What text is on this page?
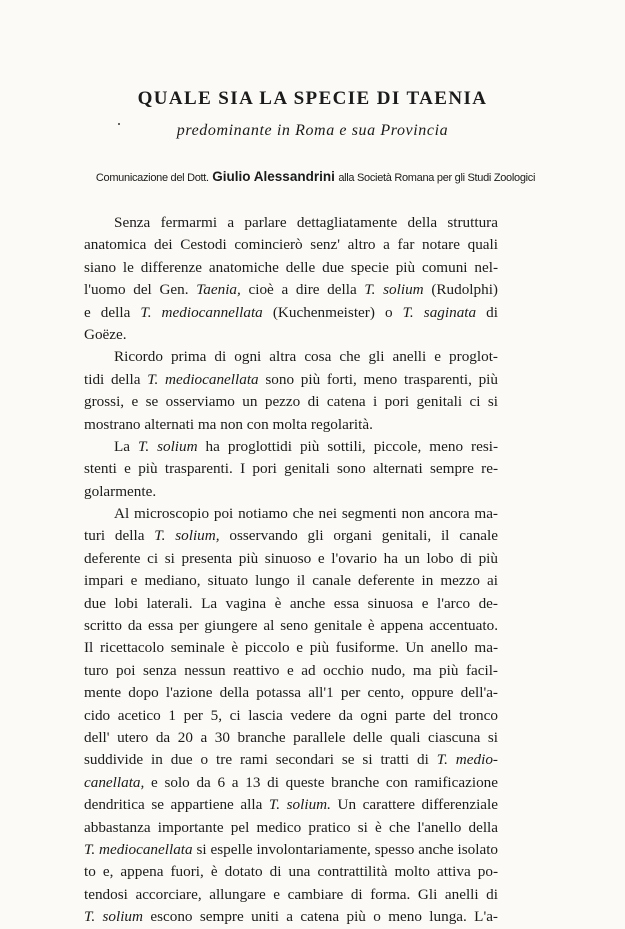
QUALE SIA LA SPECIE DI TAENIA
predominante in Roma e sua Provincia
Comunicazione del Dott. Giulio Alessandrini alla Società Romana per gli Studi Zoologici
Senza fermarmi a parlare dettagliatamente della struttura
anatomica dei Cestodi comincierò senz' altro a far notare quali
siano le differenze anatomiche delle due specie più comuni nel-
l'uomo del Gen. Taenia, cioè a dire della T. solium (Rudolphi)
e della T. mediocannellata (Kuchenmeister) o T. saginata di
Goëze.
Ricordo prima di ogni altra cosa che gli anelli e proglot-
tidi della T. mediocanellata sono più forti, meno trasparenti, più
grossi, e se osserviamo un pezzo di catena i pori genitali ci si
mostrano alternati ma non con molta regolarità.
La T. solium ha proglottidi più sottili, piccole, meno resi-
stenti e più trasparenti. I pori genitali sono alternati sempre re-
golarmente.
Al microscopio poi notiamo che nei segmenti non ancora ma-
turi della T. solium, osservando gli organi genitali, il canale
deferente ci si presenta più sinuoso e l'ovario ha un lobo di più
impari e mediano, situato lungo il canale deferente in mezzo ai
due lobi laterali. La vagina è anche essa sinuosa e l'arco de-
scritto da essa per giungere al seno genitale è appena accentuato.
Il ricettacolo seminale è piccolo e più fusiforme. Un anello ma-
turo poi senza nessun reattivo e ad occhio nudo, ma più facil-
mente dopo l'azione della potassa all'1 per cento, oppure dell'a-
cido acetico 1 per 5, ci lascia vedere da ogni parte del tronco
dell' utero da 20 a 30 branche parallele delle quali ciascuna si
suddivide in due o tre rami secondari se si tratti di T. medio-
canellata, e solo da 6 a 13 di queste branche con ramificazione
dendritica se appartiene alla T. solium. Un carattere differenziale
abbastanza importante pel medico pratico si è che l'anello della
T. mediocanellata si espelle involontariamente, spesso anche isolato
to e, appena fuori, è dotato di una contrattilità molto attiva po-
tendosi accorciare, allungare e cambiare di forma. Gli anelli di
T. solium escono sempre uniti a catena più o meno lunga. L'a-
